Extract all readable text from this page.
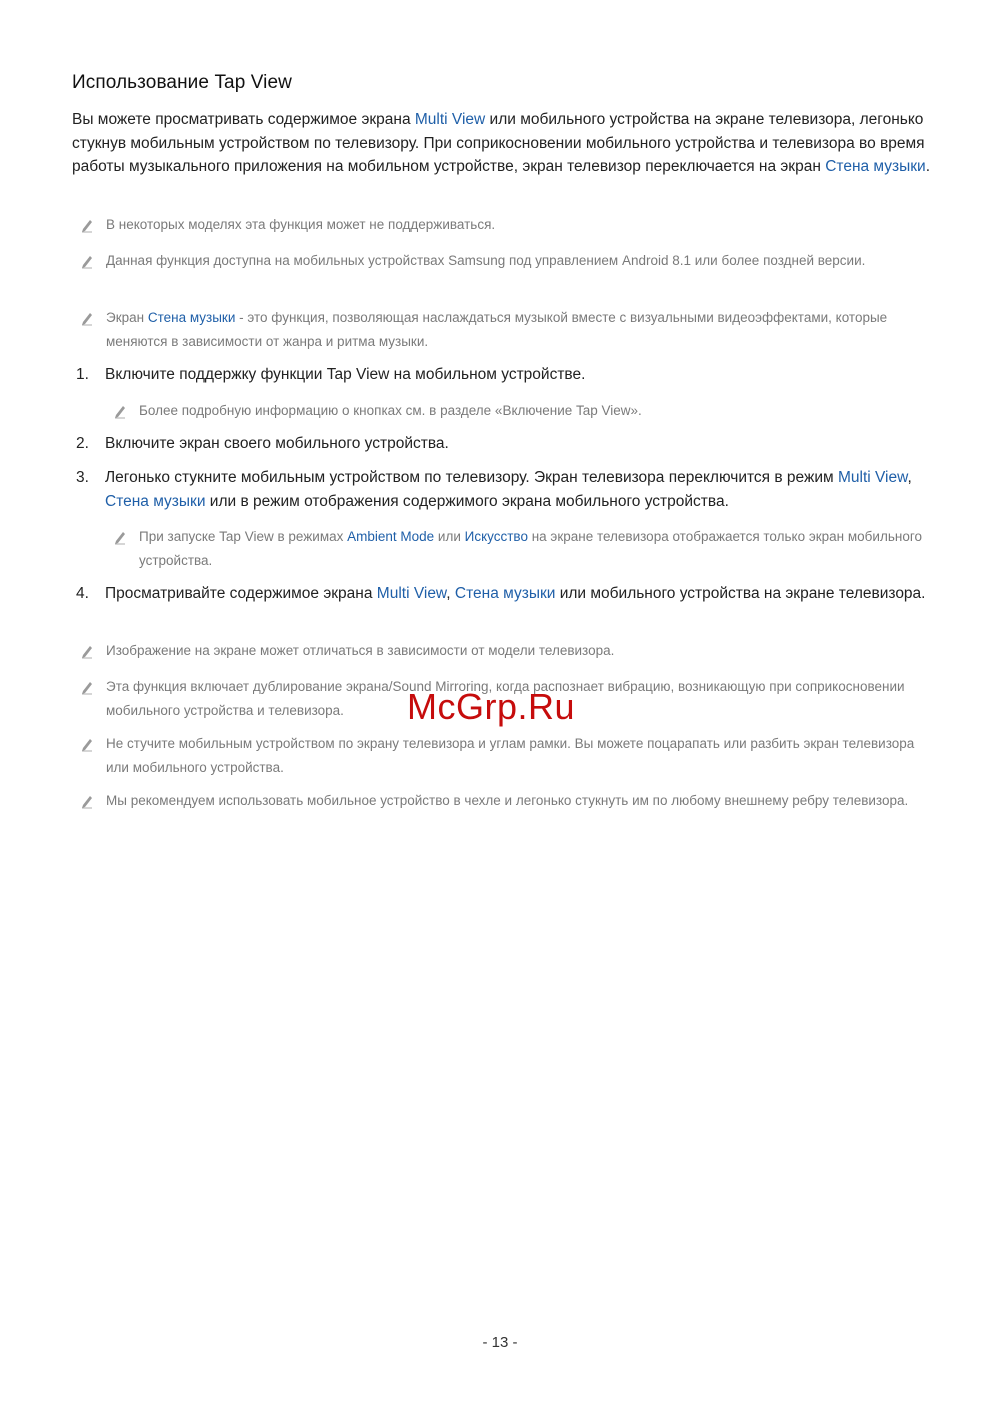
Использование Tap View

Вы можете просматривать содержимое экрана Multi View или мобильного устройства на экране телевизора, легонько стукнув мобильным устройством по телевизору. При соприкосновении мобильного устройства и телевизора во время работы музыкального приложения на мобильном устройстве, экран телевизор переключается на экран Стена музыки.

В некоторых моделях эта функция может не поддерживаться.

Данная функция доступна на мобильных устройствах Samsung под управлением Android 8.1 или более поздней версии.

Экран Стена музыки - это функция, позволяющая наслаждаться музыкой вместе с визуальными видеоэффектами, которые меняются в зависимости от жанра и ритма музыки.

1. Включите поддержку функции Tap View на мобильном устройстве.

Более подробную информацию о кнопках см. в разделе «Включение Tap View».

2. Включите экран своего мобильного устройства.

3. Легонько стукните мобильным устройством по телевизору. Экран телевизора переключится в режим Multi View, Стена музыки или в режим отображения содержимого экрана мобильного устройства.

При запуске Tap View в режимах Ambient Mode или Искусство на экране телевизора отображается только экран мобильного устройства.

4. Просматривайте содержимое экрана Multi View, Стена музыки или мобильного устройства на экране телевизора.

Изображение на экране может отличаться в зависимости от модели телевизора.

Эта функция включает дублирование экрана/Sound Mirroring, когда распознает вибрацию, возникающую при соприкосновении мобильного устройства и телевизора.

Не стучите мобильным устройством по экрану телевизора и углам рамки. Вы можете поцарапать или разбить экран телевизора или мобильного устройства.

Мы рекомендуем использовать мобильное устройство в чехле и легонько стукнуть им по любому внешнему ребру телевизора.

McGrp.Ru
- 13 -
